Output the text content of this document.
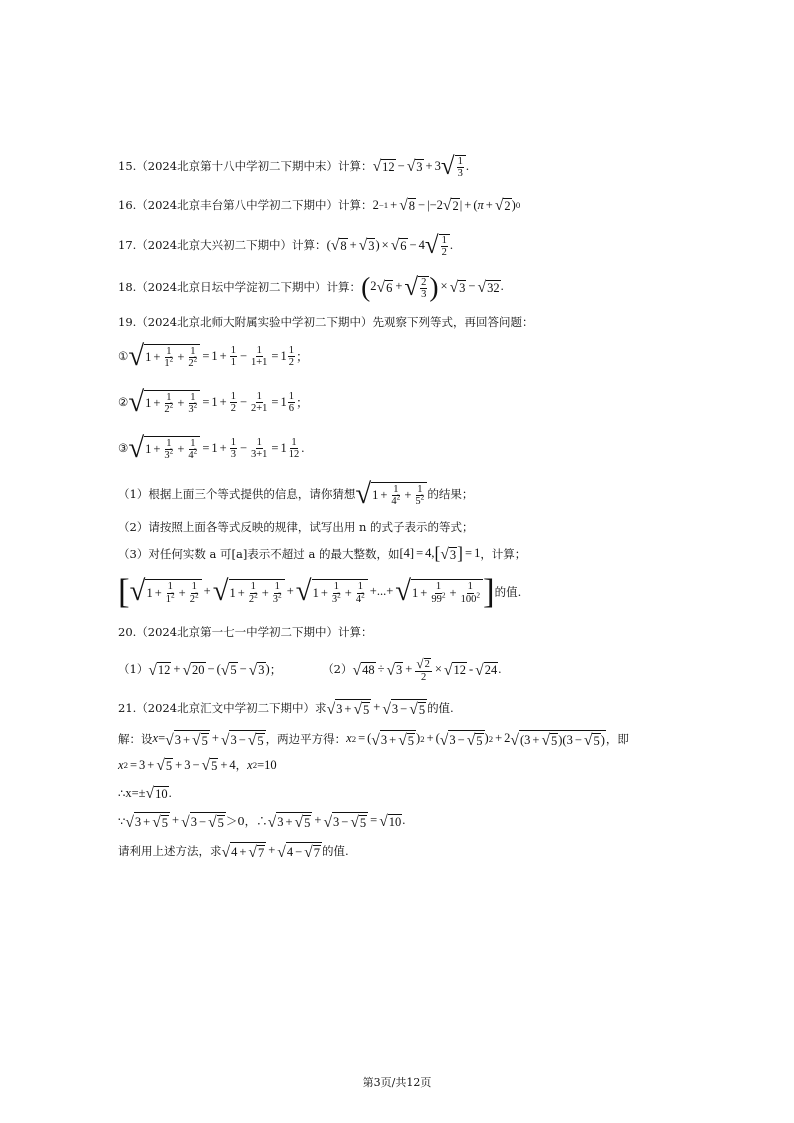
15. （2024北京第十八中学初二下期中末）计算： √ 12 − √ 3 + 3 √ $\frac{1}{3}$ .
16. （2024北京丰台第八中学初二下期中）计算： 2 −1 + √ 8 − | −2 √ 2 | + ( π + √ 2 ) 0
17. （2024北京大兴初二下期中）计算： ( √ 8 + √ 3 ) × √ 6 − 4 √ $\frac{1}{2}$ .
18. （2024北京日坛中学淀初二下期中）计算： ( 2 √ 6 + √ $\frac{2}{3}$ ) × √ 3 − √ 32 .
19. （2024北京北师大附属实验中学初二下期中）先观察下列等式，再回答问题：
① √ $1 + \frac{1}{1^2} + \frac{1}{2^2} = 1 + \frac{1}{1} - \frac{1}{1+1} = 1 \frac{1}{2}$ ；
② √ $1 + \frac{1}{2^2} + \frac{1}{3^2} = 1 + \frac{1}{2} - \frac{1}{2+1} = 1 \frac{1}{6}$ ；
③ √ $1 + \frac{1}{3^2} + \frac{1}{4^2} = 1 + \frac{1}{3} - \frac{1}{3+1} = 1 \frac{1}{12}$ .
（1）根据上面三个等式提供的信息，请你猜想 √ $1 + \frac{1}{4^2} + \frac{1}{5^2}$ 的结果；
（2）请按照上面各等式反映的规律，试写出用 n 的式子表示的等式；
（3）对任何实数 a 可[a]表示不超过 a 的最大整数，如 [ 4 ] = 4 , [ √ 3 ] = 1 ，计算；
[ √ $1 + \frac{1}{1^2} + \frac{1}{2^2}$ + √ $1 + \frac{1}{2^2} + \frac{1}{3^2}$ + √ $1 + \frac{1}{3^2} + \frac{1}{4^2}$ +...+ √ $1 + \frac{1}{99^2} + \frac{1}{100^2}$ ] 的值.
20. （2024北京第一七一中学初二下期中）计算：
（1） √ 12 + √ 20 − ( √ 5 − √ 3 ) ；	（2） √ 48 ÷ √ $3 + \frac{√ 2}{2}$ × √ 12 - √ 24 .
21. （2024北京汇文中学初二下期中）求 √ 3 + √ 5 + √ 3 − √ 5 的值.
解：设 x = √ 3 + √ 5 + √ 3 − √ 5 ，两边平方得： x 2 = ( √ 3 + √ 5 ) 2 + ( √ 3 − √ 5 ) 2 + 2 √ (3 + √ 5 )(3 − √ 5 ) ，即
x 2 = 3 + √ 5 + 3 − √ 5 + 4 ， x 2 =10
∴ x=± √ 10 .
∵ √ 3 + √ 5 + √ 3 − √ 5 ＞0，∴ √ 3 + √ 5 + √ 3 − √ 5 = √ 10 .
请利用上述方法，求 √ 4 + √ 7 + √ 4 − √ 7 的值.
第3页/共12页
